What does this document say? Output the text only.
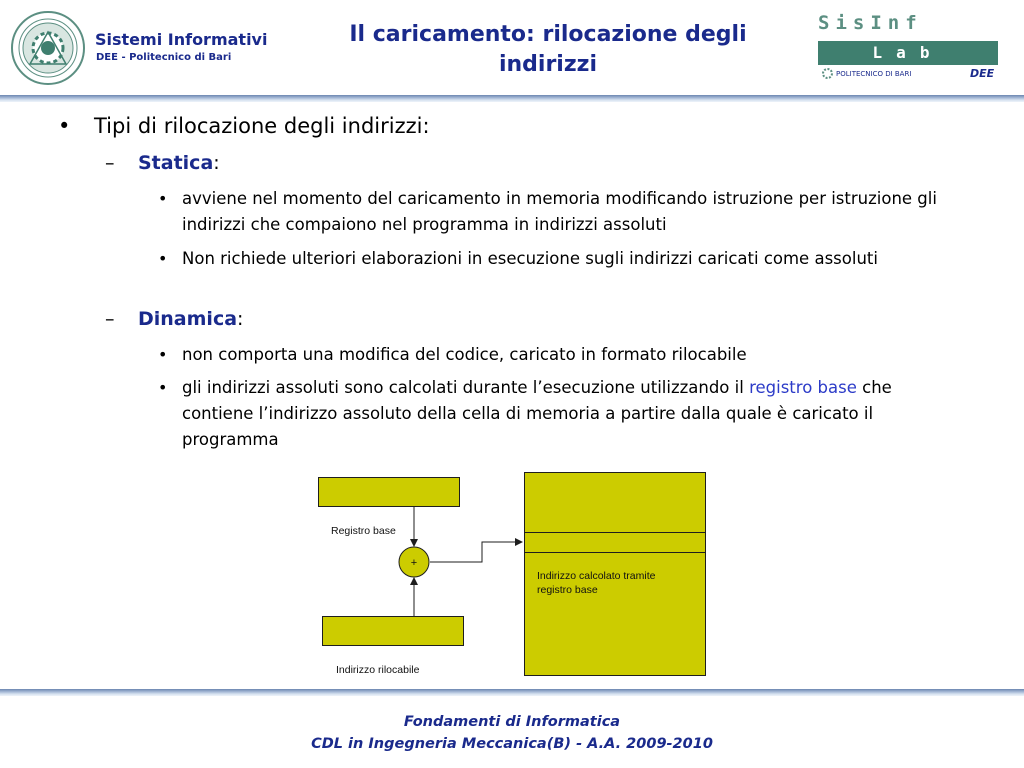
Sistemi Informativi
DEE - Politecnico di Bari
Il caricamento: rilocazione degli indirizzi
SisInf
Lab
POLITECNICO DI BARI	DEE
• Tipi di rilocazione degli indirizzi:
– Statica:
• avviene nel momento del caricamento in memoria modificando istruzione per istruzione gli indirizzi che compaiono nel programma in indirizzi assoluti
• Non richiede ulteriori elaborazioni in esecuzione sugli indirizzi caricati come assoluti
– Dinamica:
• non comporta una modifica del codice, caricato in formato rilocabile
• gli indirizzi assoluti sono calcolati durante l’esecuzione utilizzando il registro base che contiene l’indirizzo assoluto della cella di memoria a partire dalla quale è caricato il programma
Registro base
Indirizzo rilocabile
Indirizzo calcolato tramite registro base
+
Fondamenti di Informatica
CDL in Ingegneria Meccanica(B) - A.A. 2009-2010
